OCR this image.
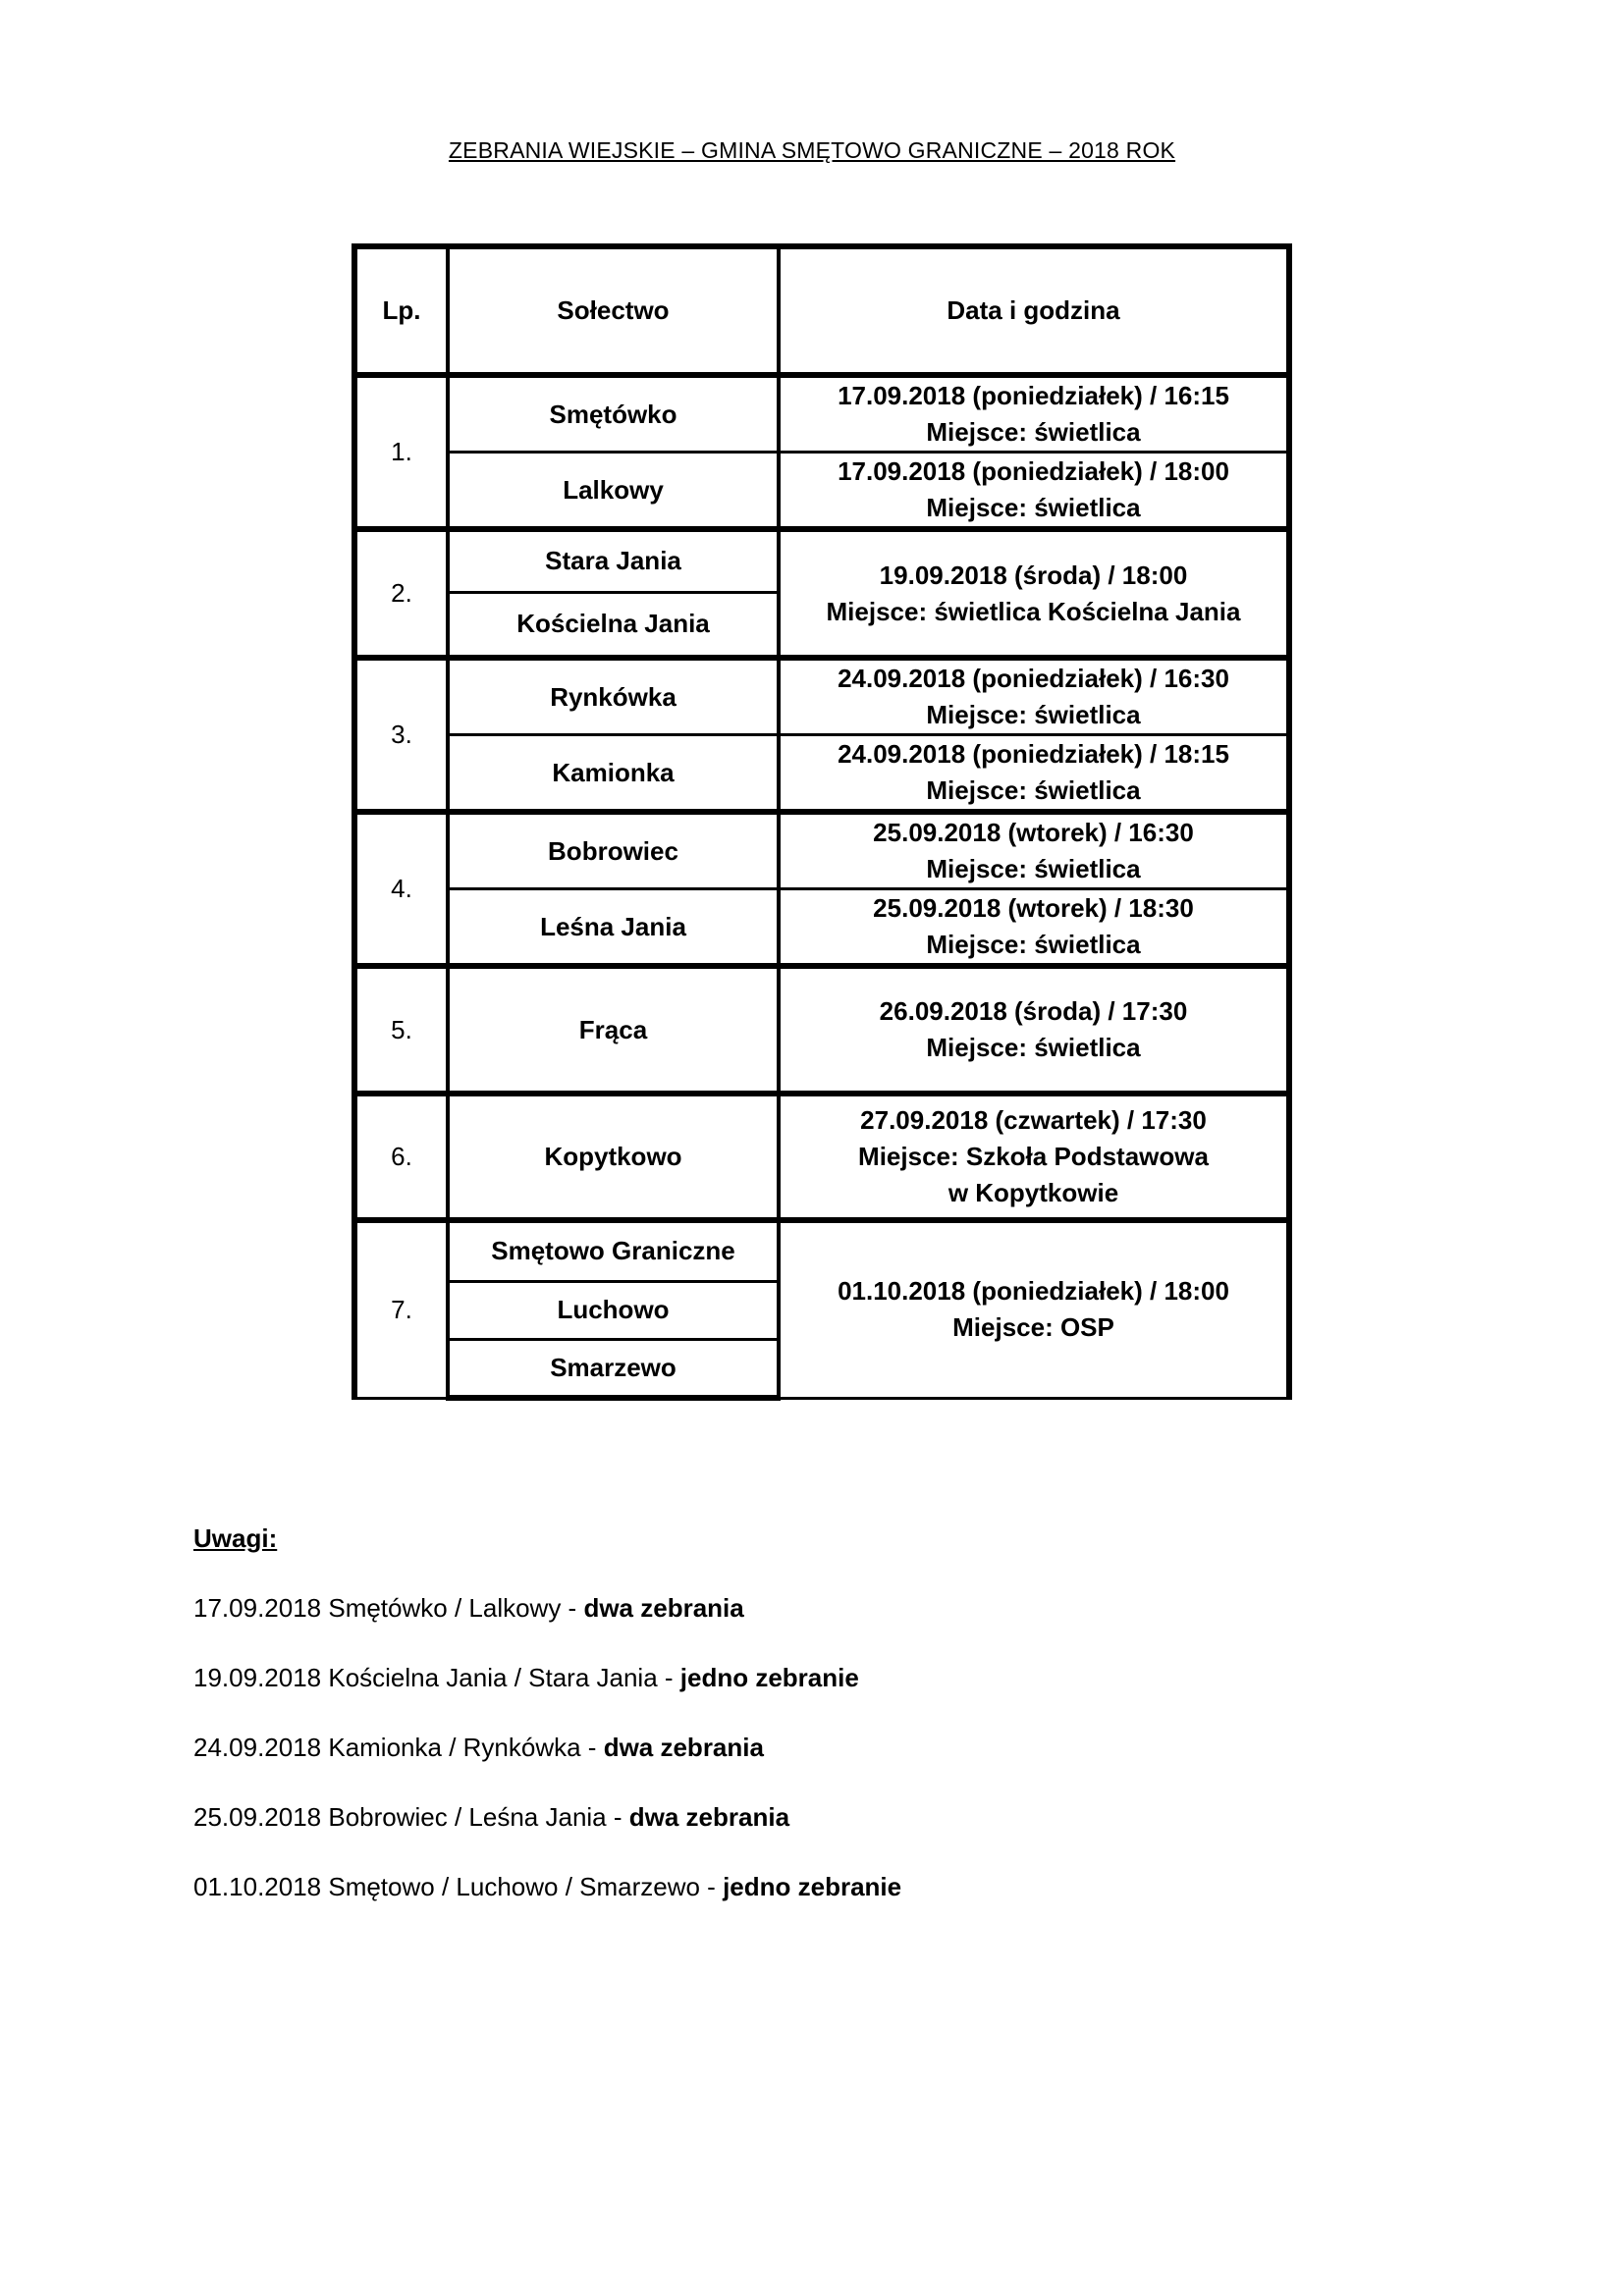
ZEBRANIA WIEJSKIE – GMINA SMĘTOWO GRANICZNE – 2018 ROK
Lp.	Sołectwo	Data i godzina
1.	Smętówko	17.09.2018 (poniedziałek) / 16:15
Miejsce: świetlica

	Lalkowy	17.09.2018 (poniedziałek) / 18:00
Miejsce: świetlica

2.	Stara Jania	19.09.2018 (środa) / 18:00
Miejsce: świetlica Kościelna Jania

	Kościelna Jania	
3.	Rynkówka	24.09.2018 (poniedziałek) / 16:30
Miejsce: świetlica

	Kamionka	24.09.2018 (poniedziałek) / 18:15
Miejsce: świetlica

4.	Bobrowiec	25.09.2018 (wtorek) / 16:30
Miejsce: świetlica

	Leśna Jania	25.09.2018 (wtorek) / 18:30
Miejsce: świetlica

5.	Frąca	26.09.2018 (środa) / 17:30
Miejsce: świetlica

6.	Kopytkowo	27.09.2018 (czwartek) / 17:30
Miejsce: Szkoła Podstawowa
w Kopytkowie

7.	Smętowo Graniczne	01.10.2018 (poniedziałek) / 18:00
Miejsce: OSP

	Luchowo	
	Smarzewo	
Uwagi:
17.09.2018 Smętówko / Lalkowy - dwa zebrania
19.09.2018 Kościelna Jania / Stara Jania - jedno zebranie
24.09.2018 Kamionka / Rynkówka - dwa zebrania
25.09.2018 Bobrowiec / Leśna Jania - dwa zebrania
01.10.2018 Smętowo / Luchowo / Smarzewo - jedno zebranie
